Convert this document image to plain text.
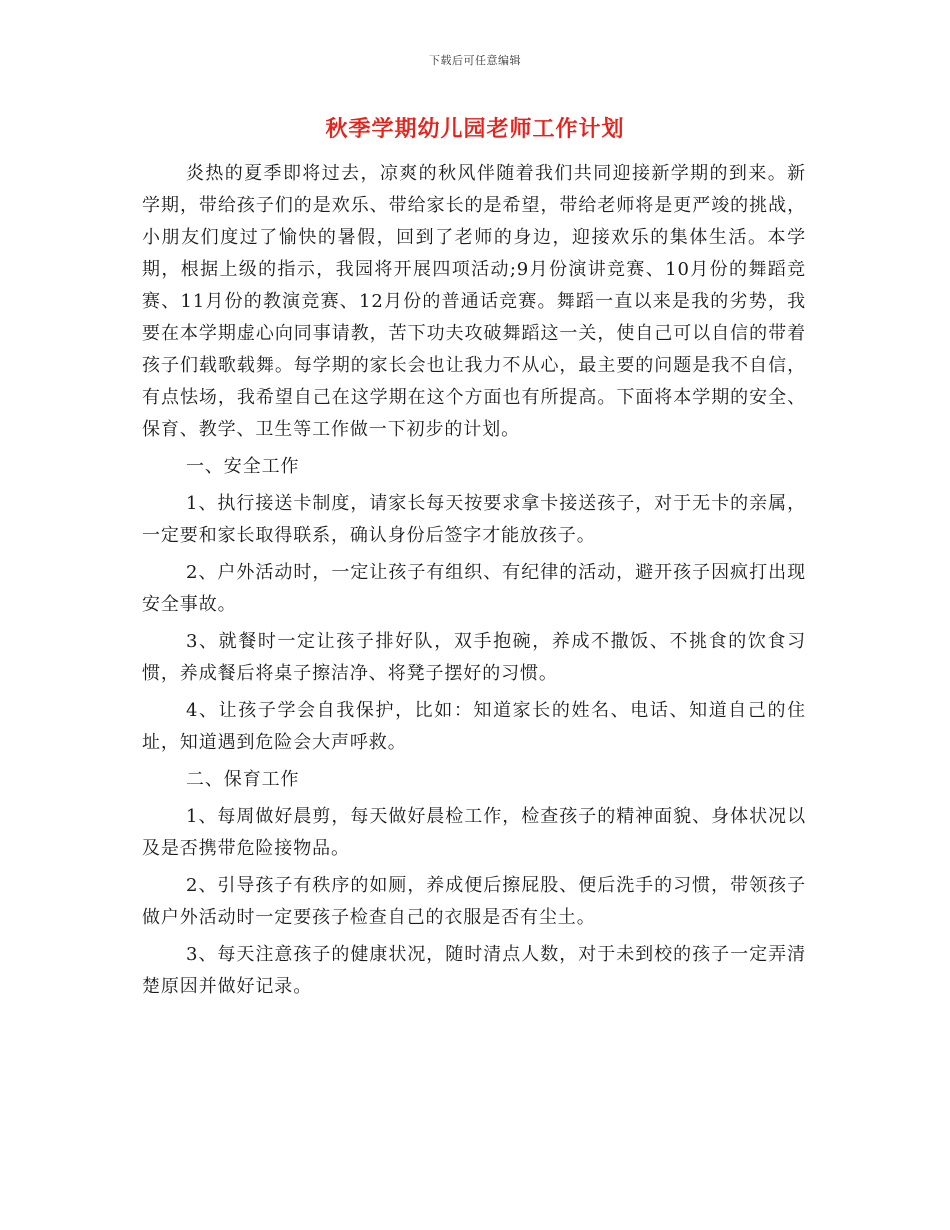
下载后可任意编辑
秋季学期幼儿园老师工作计划

炎热的夏季即将过去，凉爽的秋风伴随着我们共同迎接新学期的到来。新学期，带给孩子们的是欢乐、带给家长的是希望，带给老师将是更严竣的挑战，小朋友们度过了愉快的暑假，回到了老师的身边，迎接欢乐的集体生活。本学期，根据上级的指示，我园将开展四项活动;9月份演讲竞赛、10月份的舞蹈竞赛、11月份的教演竞赛、12月份的普通话竞赛。舞蹈一直以来是我的劣势，我要在本学期虚心向同事请教，苦下功夫攻破舞蹈这一关，使自己可以自信的带着孩子们载歌载舞。每学期的家长会也让我力不从心，最主要的问题是我不自信，有点怯场，我希望自己在这学期在这个方面也有所提高。下面将本学期的安全、保育、教学、卫生等工作做一下初步的计划。

一、安全工作

1、执行接送卡制度，请家长每天按要求拿卡接送孩子，对于无卡的亲属，一定要和家长取得联系，确认身份后签字才能放孩子。

2、户外活动时，一定让孩子有组织、有纪律的活动，避开孩子因疯打出现安全事故。

3、就餐时一定让孩子排好队，双手抱碗，养成不撒饭、不挑食的饮食习惯，养成餐后将桌子擦洁净、将凳子摆好的习惯。

4、让孩子学会自我保护，比如：知道家长的姓名、电话、知道自己的住址，知道遇到危险会大声呼救。

二、保育工作

1、每周做好晨剪，每天做好晨检工作，检查孩子的精神面貌、身体状况以及是否携带危险接物品。

2、引导孩子有秩序的如厕，养成便后擦屁股、便后洗手的习惯，带领孩子做户外活动时一定要孩子检查自己的衣服是否有尘土。

3、每天注意孩子的健康状况，随时清点人数，对于未到校的孩子一定弄清楚原因并做好记录。
